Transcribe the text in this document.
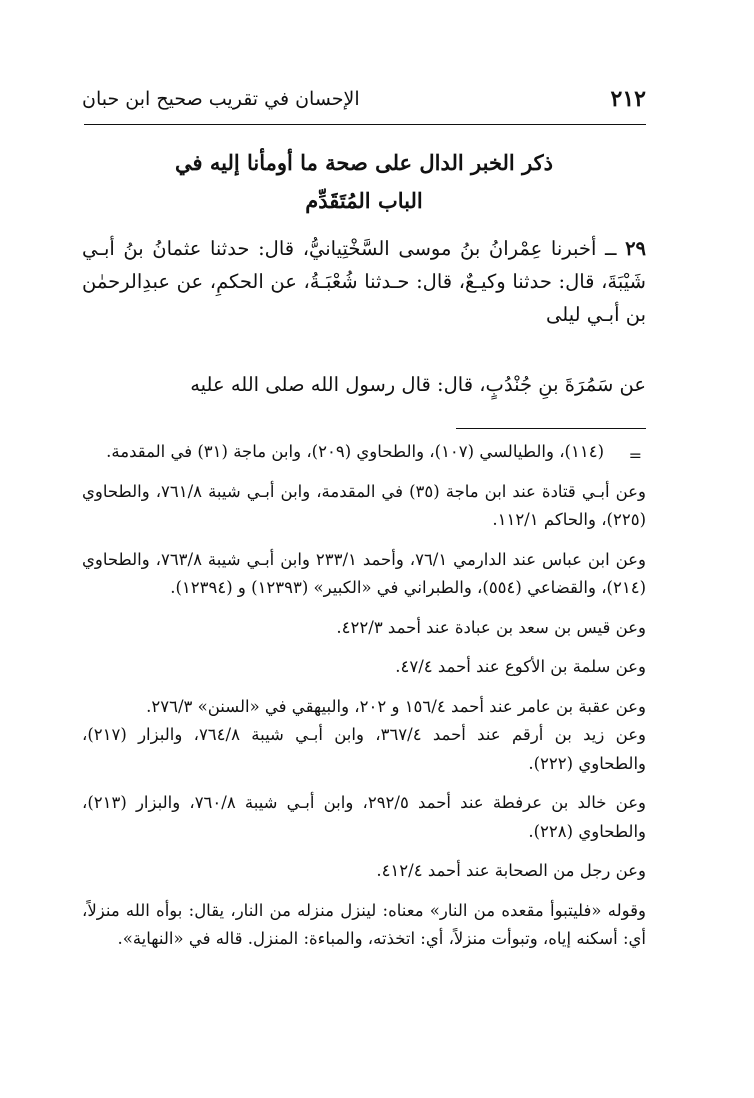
٢١٢
الإحسان في تقريب صحيح ابن حبان
ذكر الخبر الدال على صحة ما أومأنا إليه في
الباب المُتَقَدِّم

٢٩ ــ أخبرنا عِمْرانُ بنُ موسى السَّخْتِيانيُّ، قال: حدثنا عثمانُ بنُ أبـي شَيْبَةَ، قال: حدثنا وكيـعٌ، قال: حـدثنا شُعْبَـةُ، عن الحكمِ، عن عبدِالرحمٰن بن أبـي ليلى

عن سَمُرَةَ بنِ جُنْدُبٍ، قال: قال رسول الله صلى الله عليه

=

(١١٤)، والطيالسي (١٠٧)، والطحاوي (٢٠٩)، وابن ماجة (٣١) في المقدمة.

وعن أبـي قتادة عند ابن ماجة (٣٥) في المقدمة، وابن أبـي شيبة ٧٦١/٨، والطحاوي (٢٢٥)، والحاكم ١١٢/١.

وعن ابن عباس عند الدارمي ٧٦/١، وأحمد ٢٣٣/١ وابن أبـي شيبة ٧٦٣/٨، والطحاوي (٢١٤)، والقضاعي (٥٥٤)، والطبراني في «الكبير» (١٢٣٩٣) و (١٢٣٩٤).

وعن قيس بن سعد بن عبادة عند أحمد ٤٢٢/٣.

وعن سلمة بن الأكوع عند أحمد ٤٧/٤.

وعن عقبة بن عامر عند أحمد ١٥٦/٤ و ٢٠٢، والبيهقي في «السنن» ٢٧٦/٣.

وعن زيد بن أرقم عند أحمد ٣٦٧/٤، وابن أبـي شيبة ٧٦٤/٨، والبزار (٢١٧)، والطحاوي (٢٢٢).

وعن خالد بن عرفطة عند أحمد ٢٩٢/٥، وابن أبـي شيبة ٧٦٠/٨، والبزار (٢١٣)، والطحاوي (٢٢٨).

وعن رجل من الصحابة عند أحمد ٤١٢/٤.

وقوله «فليتبوأ مقعده من النار» معناه: لينزل منزله من النار، يقال: بوأه الله منزلاً، أي: أسكنه إياه، وتبوأت منزلاً، أي: اتخذته، والمباءة: المنزل. قاله في «النهاية».
